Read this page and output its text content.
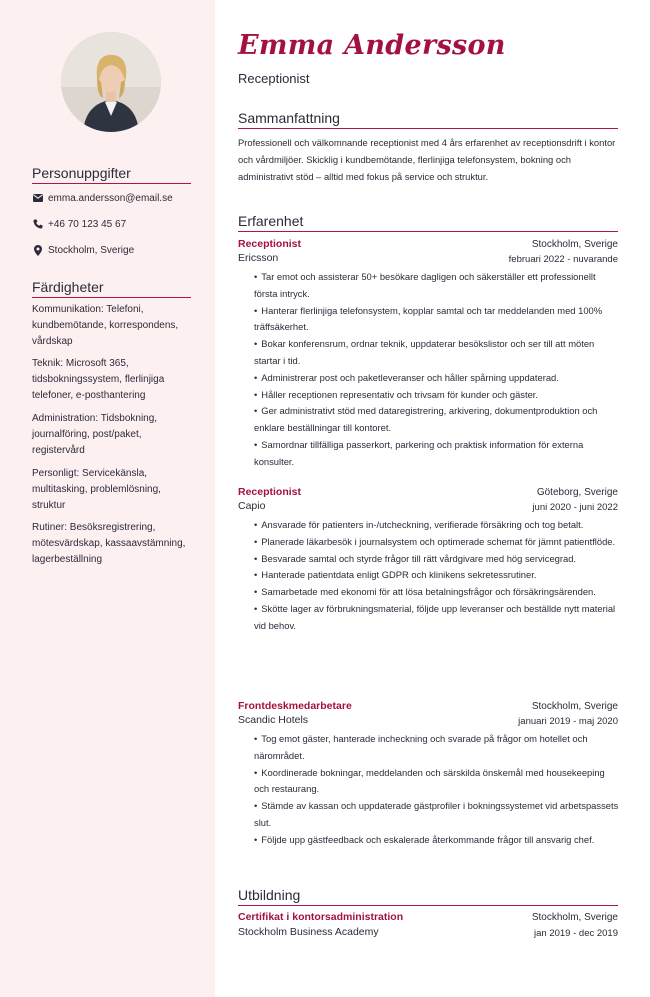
Personuppgifter
emma.andersson@email.se
+46 70 123 45 67
Stockholm, Sverige
Färdigheter
Kommunikation: Telefoni, kundbemötande, korrespondens, vårdskap
Teknik: Microsoft 365, tidsbokningssystem, flerlinjiga telefoner, e-posthantering
Administration: Tidsbokning, journalföring, post/paket, registervård
Personligt: Servicekänsla, multitasking, problemlösning, struktur
Rutiner: Besöksregistrering, mötesvärdskap, kassaavstämning, lagerbeställning
Emma Andersson
Receptionist
Sammanfattning
Professionell och välkomnande receptionist med 4 års erfarenhet av receptionsdrift i kontor och vårdmiljöer. Skicklig i kundbemötande, flerlinjiga telefonsystem, bokning och administrativt stöd – alltid med fokus på service och struktur.
Erfarenhet
Receptionist	Stockholm, Sverige
Ericsson	februari 2022 - nuvarande
• Tar emot och assisterar 50+ besökare dagligen och säkerställer ett professionellt första intryck.
• Hanterar flerlinjiga telefonsystem, kopplar samtal och tar meddelanden med 100% träffsäkerhet.
• Bokar konferensrum, ordnar teknik, uppdaterar besökslistor och ser till att möten startar i tid.
• Administrerar post och paketleveranser och håller spårning uppdaterad.
• Håller receptionen representativ och trivsam för kunder och gäster.
• Ger administrativt stöd med dataregistrering, arkivering, dokumentproduktion och enklare beställningar till kontoret.
• Samordnar tillfälliga passerkort, parkering och praktisk information för externa konsulter.
Receptionist	Göteborg, Sverige
Capio	juni 2020 - juni 2022
• Ansvarade för patienters in-/utcheckning, verifierade försäkring och tog betalt.
• Planerade läkarbesök i journalsystem och optimerade schemat för jämnt patientflöde.
• Besvarade samtal och styrde frågor till rätt vårdgivare med hög servicegrad.
• Hanterade patientdata enligt GDPR och klinikens sekretessrutiner.
• Samarbetade med ekonomi för att lösa betalningsfrågor och försäkringsärenden.
• Skötte lager av förbrukningsmaterial, följde upp leveranser och beställde nytt material vid behov.
Frontdeskmedarbetare	Stockholm, Sverige
Scandic Hotels	januari 2019 - maj 2020
• Tog emot gäster, hanterade incheckning och svarade på frågor om hotellet och närområdet.
• Koordinerade bokningar, meddelanden och särskilda önskemål med housekeeping och restaurang.
• Stämde av kassan och uppdaterade gästprofiler i bokningssystemet vid arbetspassets slut.
• Följde upp gästfeedback och eskalerade återkommande frågor till ansvarig chef.
Utbildning
Certifikat i kontorsadministration	Stockholm, Sverige
Stockholm Business Academy	jan 2019 - dec 2019
